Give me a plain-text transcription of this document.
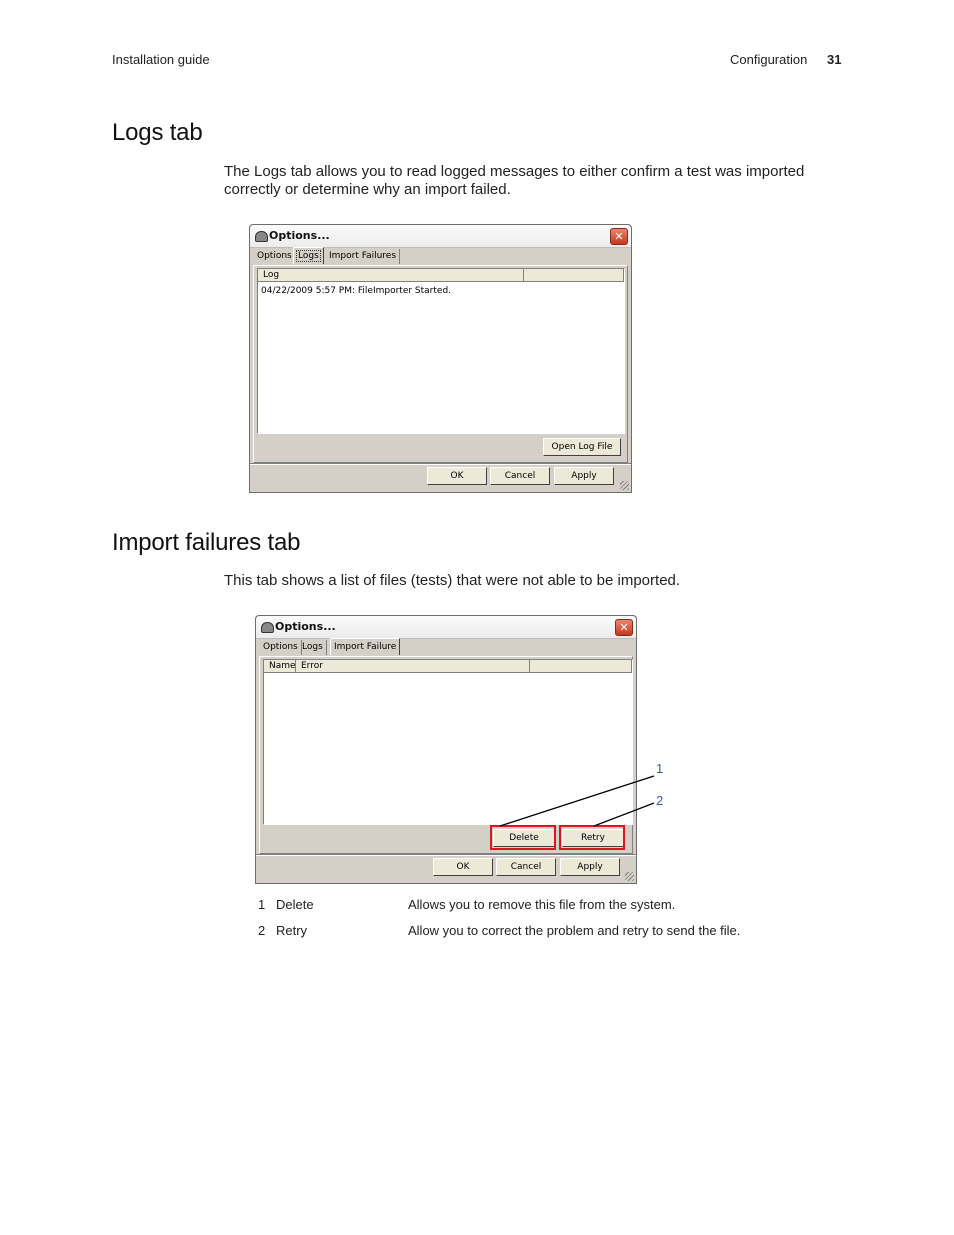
Installation guide	Configuration 31
Logs tab

The Logs tab allows you to read logged messages to either confirm a test was imported correctly or determine why an import failed.

Options...	✕
Options Logs	Import Failures
Log
04/22/2009 5:57 PM: FileImporter Started.
Open Log File
OK	Cancel	Apply
Import failures tab

This tab shows a list of files (tests) that were not able to be imported.

Options...	✕
Options Logs	Import Failure
Name Error
Delete	Retry
OK	Cancel	Apply
1
2
1 Delete	Allows you to remove this file from the system.
2 Retry	Allow you to correct the problem and retry to send the file.
